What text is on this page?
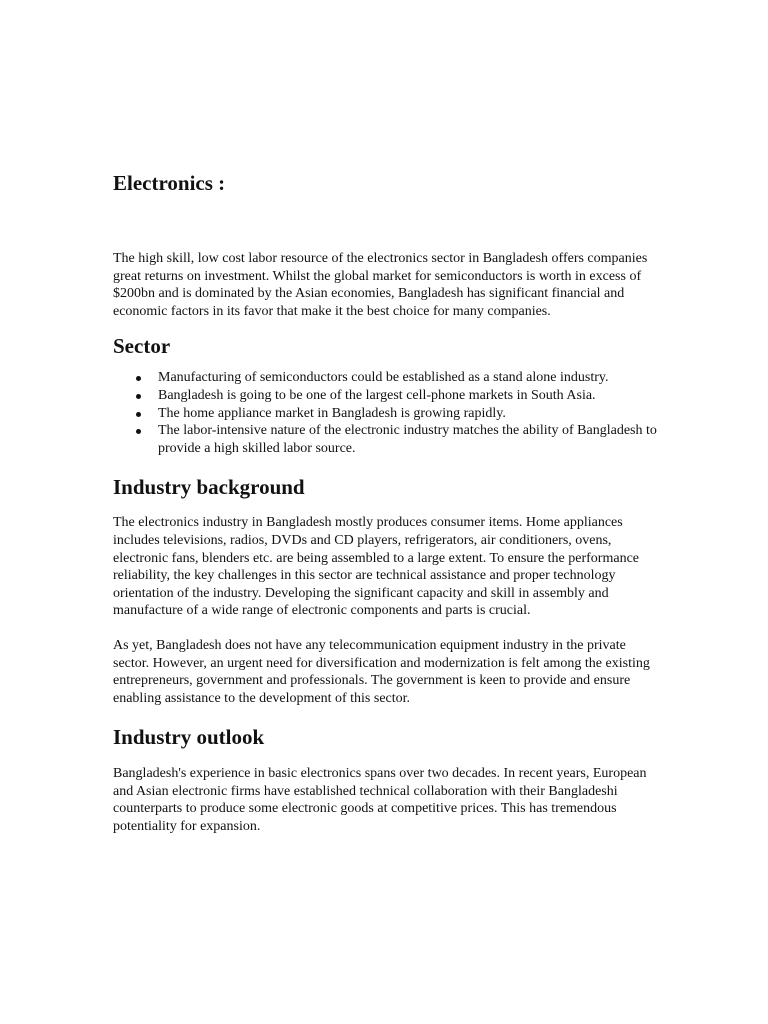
Electronics :

The high skill, low cost labor resource of the electronics sector in Bangladesh offers companies great returns on investment. Whilst the global market for semiconductors is worth in excess of $200bn and is dominated by the Asian economies, Bangladesh has significant financial and economic factors in its favor that make it the best choice for many companies.

Sector
Manufacturing of semiconductors could be established as a stand alone industry.
Bangladesh is going to be one of the largest cell-phone markets in South Asia.
The home appliance market in Bangladesh is growing rapidly.
The labor-intensive nature of the electronic industry matches the ability of Bangladesh to provide a high skilled labor source.
Industry background

The electronics industry in Bangladesh mostly produces consumer items. Home appliances includes televisions, radios, DVDs and CD players, refrigerators, air conditioners, ovens, electronic fans, blenders etc. are being assembled to a large extent. To ensure the performance reliability, the key challenges in this sector are technical assistance and proper technology orientation of the industry. Developing the significant capacity and skill in assembly and manufacture of a wide range of electronic components and parts is crucial.

As yet, Bangladesh does not have any telecommunication equipment industry in the private sector. However, an urgent need for diversification and modernization is felt among the existing entrepreneurs, government and professionals. The government is keen to provide and ensure enabling assistance to the development of this sector.

Industry outlook

Bangladesh's experience in basic electronics spans over two decades. In recent years, European and Asian electronic firms have established technical collaboration with their Bangladeshi counterparts to produce some electronic goods at competitive prices. This has tremendous potentiality for expansion.
